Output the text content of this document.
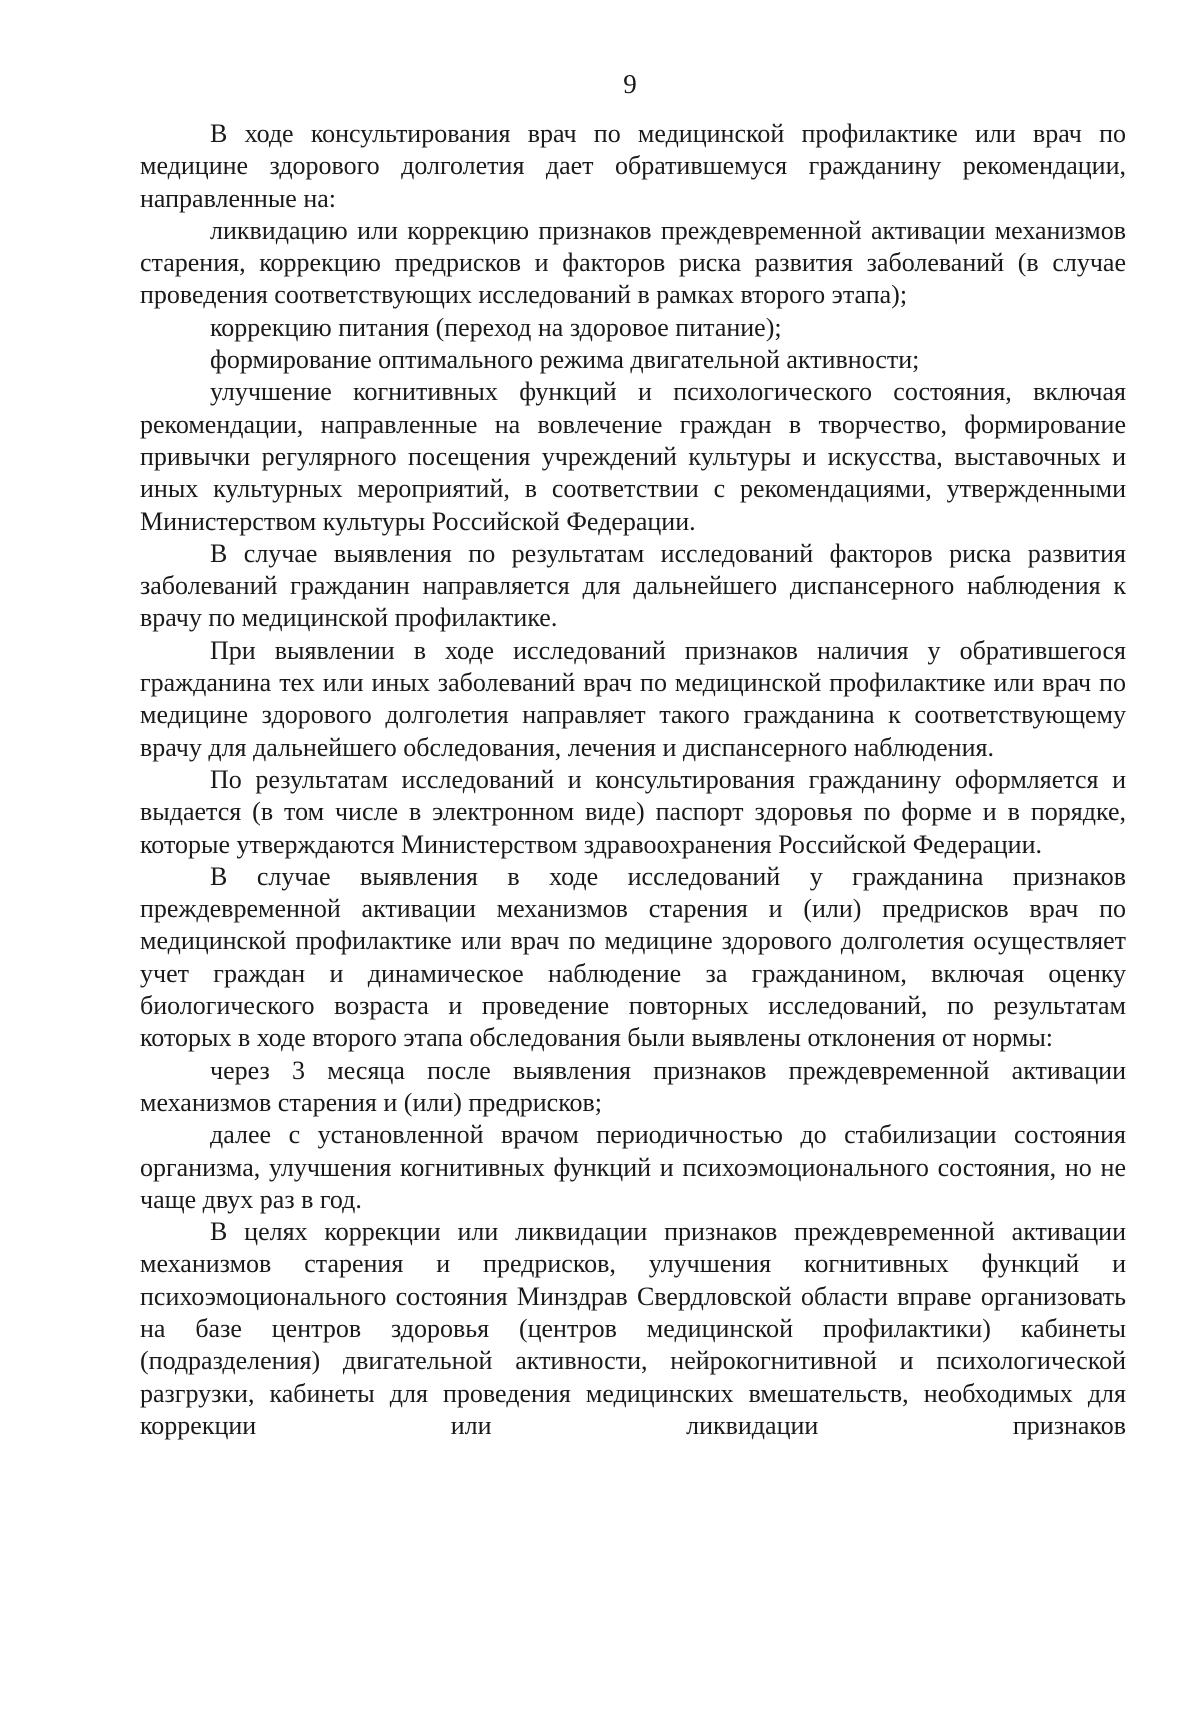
9

В ходе консультирования врач по медицинской профилактике или врач по медицине здорового долголетия дает обратившемуся гражданину рекомендации, направленные на:

ликвидацию или коррекцию признаков преждевременной активации механизмов старения, коррекцию предрисков и факторов риска развития заболеваний (в случае проведения соответствующих исследований в рамках второго этапа);

коррекцию питания (переход на здоровое питание);

формирование оптимального режима двигательной активности;

улучшение когнитивных функций и психологического состояния, включая рекомендации, направленные на вовлечение граждан в творчество, формирование привычки регулярного посещения учреждений культуры и искусства, выставочных и иных культурных мероприятий, в соответствии с рекомендациями, утвержденными Министерством культуры Российской Федерации.

В случае выявления по результатам исследований факторов риска развития заболеваний гражданин направляется для дальнейшего диспансерного наблюдения к врачу по медицинской профилактике.

При выявлении в ходе исследований признаков наличия у обратившегося гражданина тех или иных заболеваний врач по медицинской профилактике или врач по медицине здорового долголетия направляет такого гражданина к соответствующему врачу для дальнейшего обследования, лечения и диспансерного наблюдения.

По результатам исследований и консультирования гражданину оформляется и выдается (в том числе в электронном виде) паспорт здоровья по форме и в порядке, которые утверждаются Министерством здравоохранения Российской Федерации.

В случае выявления в ходе исследований у гражданина признаков преждевременной активации механизмов старения и (или) предрисков врач по медицинской профилактике или врач по медицине здорового долголетия осуществляет учет граждан и динамическое наблюдение за гражданином, включая оценку биологического возраста и проведение повторных исследований, по результатам которых в ходе второго этапа обследования были выявлены отклонения от нормы:

через 3 месяца после выявления признаков преждевременной активации механизмов старения и (или) предрисков;

далее с установленной врачом периодичностью до стабилизации состояния организма, улучшения когнитивных функций и психоэмоционального состояния, но не чаще двух раз в год.

В целях коррекции или ликвидации признаков преждевременной активации механизмов старения и предрисков, улучшения когнитивных функций и психоэмоционального состояния Минздрав Свердловской области вправе организовать на базе центров здоровья (центров медицинской профилактики) кабинеты (подразделения) двигательной активности, нейрокогнитивной и психологической разгрузки, кабинеты для проведения медицинских вмешательств, необходимых для коррекции или ликвидации признаков
